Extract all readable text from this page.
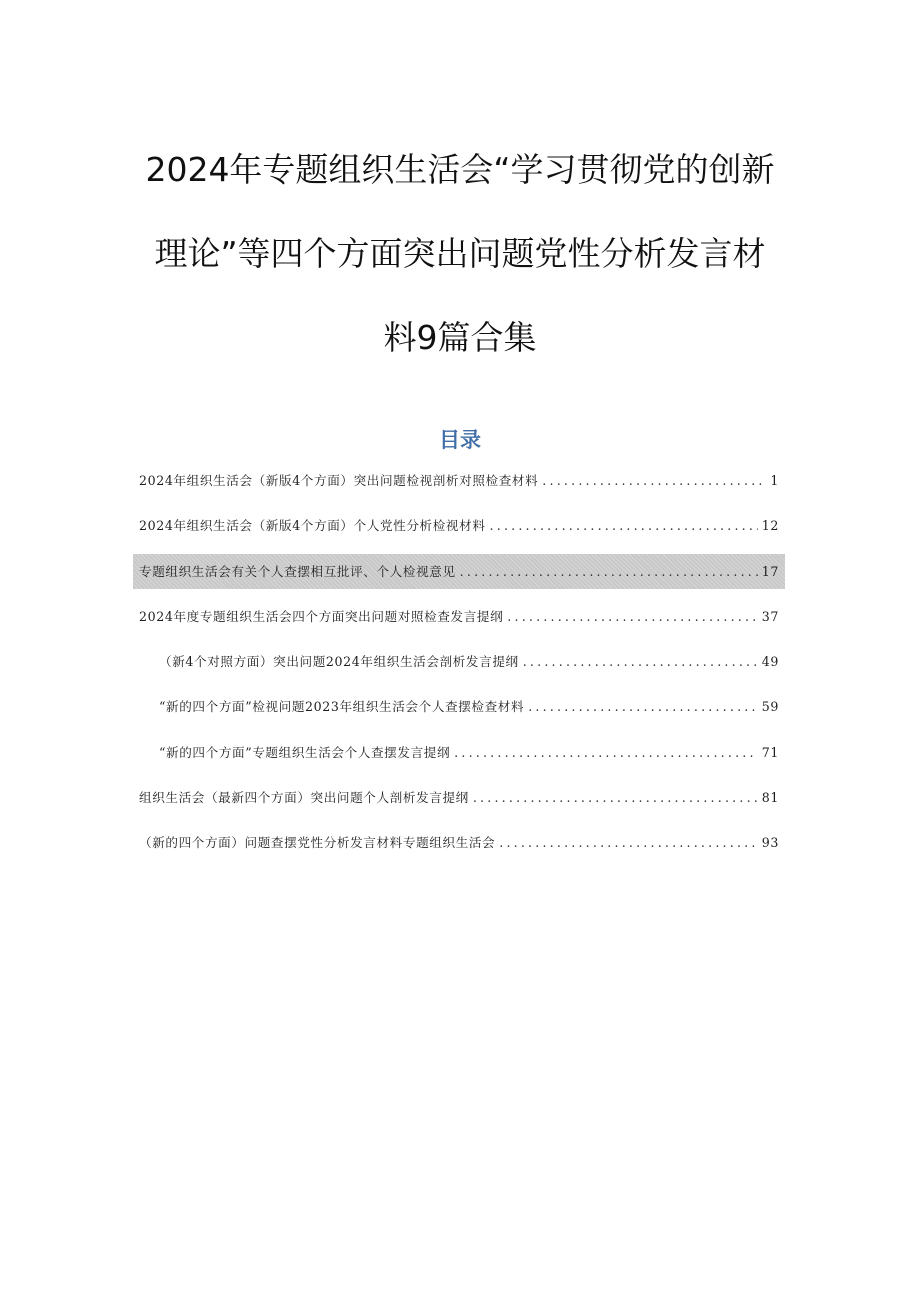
2024年专题组织生活会“学习贯彻党的创新
理论”等四个方面突出问题党性分析发言材
料9篇合集
目录
2024年组织生活会（新版4个方面）突出问题检视剖析对照检查材料 .....	1
2024年组织生活会（新版4个方面）个人党性分析检视材料 .....	12
专题组织生活会有关个人查摆相互批评、个人检视意见 .....	17
2024年度专题组织生活会四个方面突出问题对照检查发言提纲 .....	37
（新4个对照方面）突出问题2024年组织生活会剖析发言提纲 .....	49
“新的四个方面”检视问题2023年组织生活会个人查摆检查材料 .....	59
“新的四个方面”专题组织生活会个人查摆发言提纲 .....	71
组织生活会（最新四个方面）突出问题个人剖析发言提纲 .....	81
（新的四个方面）问题查摆党性分析发言材料专题组织生活会 .....	93
